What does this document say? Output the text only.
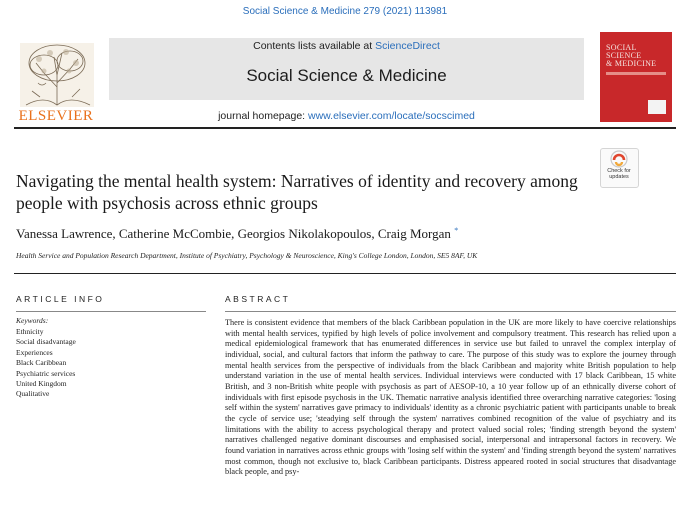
Social Science & Medicine 279 (2021) 113981
ELSEVIER
Contents lists available at ScienceDirect
Social Science & Medicine
journal homepage: www.elsevier.com/locate/socscimed
SOCIAL
SCIENCE
& MEDICINE
Check for
updates
Navigating the mental health system: Narratives of identity and recovery among people with psychosis across ethnic groups
Vanessa Lawrence, Catherine McCombie, Georgios Nikolakopoulos, Craig Morgan *
Health Service and Population Research Department, Institute of Psychiatry, Psychology & Neuroscience, King's College London, London, SE5 8AF, UK
ARTICLE INFO
Keywords:
Ethnicity
Social disadvantage
Experiences
Black Caribbean
Psychiatric services
United Kingdom
Qualitative
ABSTRACT

There is consistent evidence that members of the black Caribbean population in the UK are more likely to have coercive relationships with mental health services, typified by high levels of police involvement and compulsory treatment. This research has relied upon a medical epidemiological framework that has enumerated differences in service use but failed to unravel the complex interplay of individual, social, and cultural factors that inform the pathway to care. The purpose of this study was to explore the journey through mental health services from the perspective of individuals from the black Caribbean and majority white British population to help understand variation in the use of mental health services. Individual interviews were conducted with 17 black Caribbean, 15 white British, and 3 non-British white people with psychosis as part of AESOP-10, a 10 year follow up of an ethnically diverse cohort of individuals with first episode psychosis in the UK. Thematic narrative analysis identified three overarching narrative categories: 'losing self within the system' narratives gave primacy to individuals' identity as a chronic psychiatric patient with participants unable to break the cycle of service use; 'steadying self through the system' narratives combined recognition of the value of psychiatry and its limitations with the ability to access psychological therapy and protect valued social roles; 'finding strength beyond the system' narratives challenged negative dominant discourses and emphasised social, interpersonal and intrapersonal factors in recovery. We found variation in narratives across ethnic groups with 'losing self within the system' and 'finding strength beyond the system' narratives most common, though not exclusive to, black Caribbean participants. Distress appeared rooted in social structures that disadvantage black people, and psy-
